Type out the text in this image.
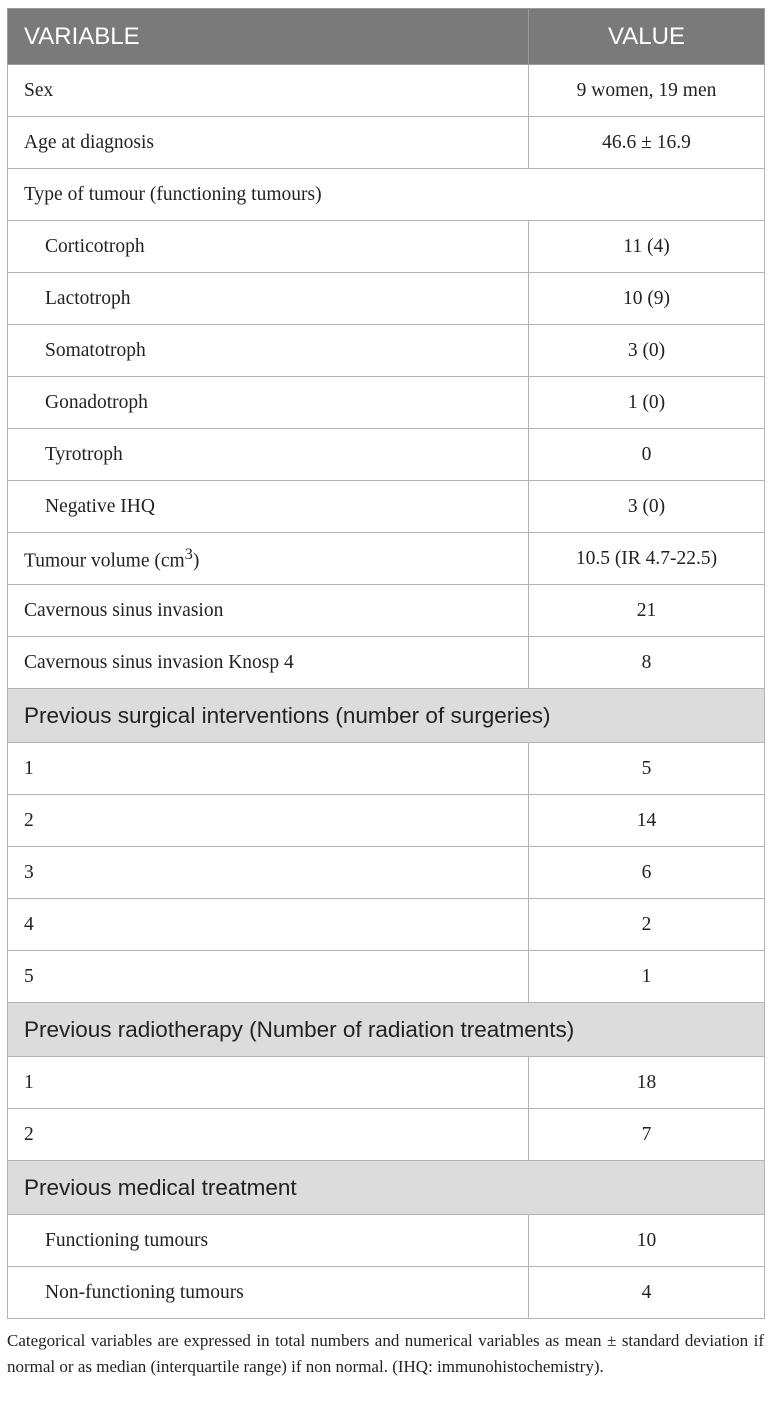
VARIABLE	VALUE
Sex	9 women, 19 men
Age at diagnosis	46.6 ± 16.9
Type of tumour (functioning tumours)	
Corticotroph	11 (4)
Lactotroph	10 (9)
Somatotroph	3 (0)
Gonadotroph	1 (0)
Tyrotroph	0
Negative IHQ	3 (0)
Tumour volume $(cm^3)$	10.5 (IR 4.7-22.5)
Cavernous sinus invasion	21
Cavernous sinus invasion Knosp 4	8
Previous surgical interventions (number of surgeries)	
1	5
2	14
3	6
4	2
5	1
Previous radiotherapy (Number of radiation treatments)	
1	18
2	7
Previous medical treatment	
Functioning tumours	10
Non-functioning tumours	4

Categorical variables are expressed in total numbers and numerical variables as mean ± standard deviation if normal or as median (interquartile range) if non normal. (IHQ: immunohistochemistry).
